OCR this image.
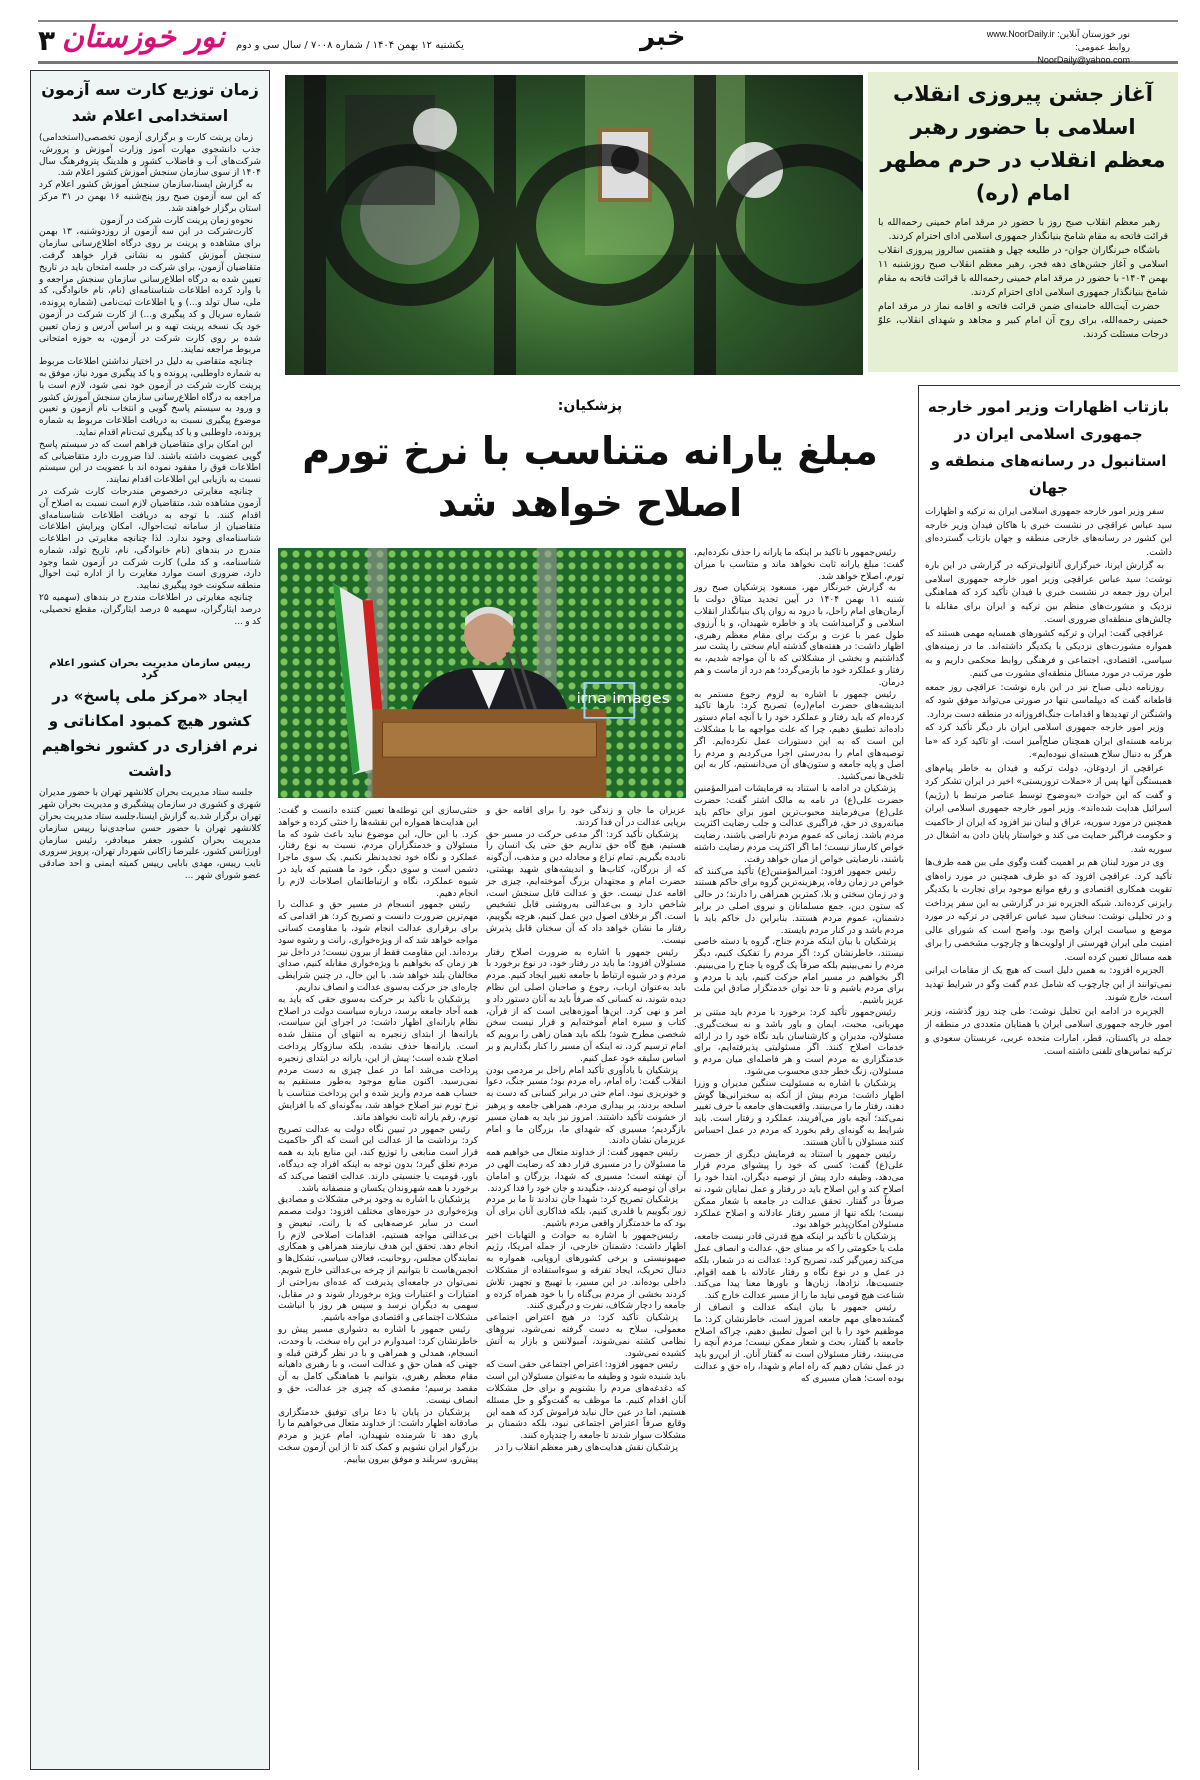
۳ نور خوزستان یکشنبه ۱۲ بهمن ۱۴۰۴ / شماره ۷۰۰۸ / سال سی و دوم	خبر	نور خوزستان آنلاین: www.NoorDaily.ir
روابط عمومی: NoorDaily@yahoo.com
زمان توزیع کارت سه آزمون استخدامی اعلام شد

زمان پرینت کارت و برگزاری آزمون تخصصی(استخدامی) جذب دانشجوی مهارت آموز وزارت آموزش و پرورش، شرکت‌های آب و فاضلاب کشور و هلدینگ پتروفرهنگ سال ۱۴۰۴ از سوی سازمان سنجش آموزش کشور اعلام شد.

به گزارش ایسنا،سازمان سنجش آموزش کشور اعلام کرد که این سه آزمون صبح روز پنج‌شنبه ۱۶ بهمن در ۳۱ مرکز استان برگزار خواهند شد.

نحوه‌و زمان پرینت کارت شرکت در آزمون

کارت‌شرکت در این سه آزمون از روزدوشنبه، ۱۳ بهمن برای مشاهده و پرینت بر روی درگاه اطلاع‌رسانی سازمان سنجش آموزش کشور به نشانی قرار خواهد گرفت. متقاضیان آزمون، برای شرکت در جلسه امتحان باید در تاریخ تعیین شده به درگاه اطلاع‌رسانی سازمان سنجش مراجعه و با وارد کرده اطلاعات شناسنامه‌ای (نام، نام خانوادگی، کد ملی، سال تولد و...) و یا اطلاعات ثبت‌نامی (شماره پرونده، شماره سریال و کد پیگیری و...) از کارت شرکت در آزمون خود یک نسخه پرینت تهیه و بر اساس آدرس و زمان تعیین شده بر روی کارت شرکت در آزمون، به حوزه امتحانی مربوط مراجعه نمایند.

چنانچه متقاضی به دلیل در اختیار نداشتن اطلاعات مربوط به شماره داوطلبی، پرونده و یا کد پیگیری مورد نیاز، موفق به پرینت کارت شرکت در آزمون خود نمی شود، لازم است با مراجعه به درگاه اطلاع‌رسانی سازمان سنجش آموزش کشور و ورود به سیستم پاسخ گویی و انتخاب نام آزمون و تعیین موضوع پیگیری نسبت به دریافت اطلاعات مربوط به شماره پرونده، داوطلبی و یا کد پیگیری ثبت‌نام اقدام نماید.

این امکان برای متقاضیان فراهم است که در سیستم پاسخ گویی عضویت داشته باشند. لذا ضرورت دارد متقاضیانی که اطلاعات فوق را مفقود نموده اند با عضویت در این سیستم نسبت به بازیابی این اطلاعات اقدام نمایند.

چنانچه مغایرتی درخصوص مندرجات کارت شرکت در آزمون مشاهده شد، متقاضیان لازم است نسبت به اصلاح آن اقدام کنند. با توجه به دریافت اطلاعات شناسنامه‌ای متقاضیان از سامانه ثبت‌احوال، امکان ویرایش اطلاعات شناسنامه‌ای وجود ندارد. لذا چنانچه مغایرتی در اطلاعات مندرج در بندهای (نام خانوادگی، نام، تاریخ تولد، شماره شناسنامه، و کد ملی) کارت شرکت در آزمون شما وجود دارد، ضروری است موارد مغایرت را از اداره ثبت احوال منطقه سکونت خود پیگیری نمایید.

چنانچه مغایرتی در اطلاعات مندرج در بندهای (سهمیه ۲۵ درصد ایثارگران، سهمیه ۵ درصد ایثارگران، مقطع تحصیلی، کد و ...

رییس سازمان مدیریت بحران کشور اعلام کرد
ایجاد «مرکز ملی پاسخ» در کشور هیچ کمبود امکاناتی و نرم افزاری در کشور نخواهیم داشت

جلسه ستاد مدیریت بحران کلانشهر تهران با حضور مدیران شهری و کشوری در سازمان پیشگیری و مدیریت بحران شهر تهران برگزار شد.به گزارش ایسنا،جلسه ستاد مدیریت بحران کلانشهر تهران با حضور حسن ساجدی‌نیا رییس سازمان مدیریت بحران کشور، جعفر میعادفر، رئیس سازمان اورژانس کشور، علیرضا زاکانی شهردار تهران، پرویز سروری نایب رییس، مهدی بابایی رییس کمیته ایمنی و احد صادقی عضو شورای شهر ...

آغاز جشن پیروزی انقلاب اسلامی با حضور رهبر معظم انقلاب در حرم مطهر امام (ره)

رهبر معظم انقلاب صبح روز با حضور در مرقد امام خمینی رحمه‌الله با قرائت فاتحه به مقام شامخ بنیانگذار جمهوری اسلامی ادای احترام کردند.

باشگاه خبرنگاران جوان- در طلیعه چهل و هفتمین سالروز پیروزی انقلاب اسلامی و آغاز جشن‌های دهه فجر، رهبر معظم انقلاب صبح روزشنبه ۱۱ بهمن ۱۴۰۴- با حضور در مرقد امام خمینی رحمه‌الله با قرائت فاتحه به مقام شامخ بنیانگذار جمهوری اسلامی ادای احترام کردند.

حضرت آیت‌الله خامنه‌ای ضمن قرائت فاتحه و اقامه نماز در مرقد امام خمینی رحمه‌الله، برای روح آن امام کبیر و مجاهد و شهدای انقلاب، علوّ درجات مسئلت کردند.

پزشکیان:
مبلغ یارانه متناسب با نرخ تورم اصلاح خواهد شد
irna images

رئیس‌جمهور با تاکید بر اینکه ما یارانه را حذف نکرده‌ایم، گفت: مبلغ یارانه ثابت نخواهد ماند و متناسب با میزان تورم، اصلاح خواهد شد.

به گزارش خبرنگار مهر، مسعود پزشکیان صبح روز شنبه ۱۱ بهمن ۱۴۰۴ در آیین تجدید میثاق دولت با آرمان‌های امام راحل، با درود به روان پاک بنیانگذار انقلاب اسلامی و گرامیداشت یاد و خاطره شهیدان، و با آرزوی طول عمر با عزت و برکت برای مقام معظم رهبری، اظهار داشت: در هفته‌های گذشته ایام سختی را پشت سر گذاشتیم و بخشی از مشکلاتی که با آن مواجه شدیم، به رفتار و عملکرد خود ما بازمی‌گردد؛ هم درد از ماست و هم درمان.

رئیس جمهور با اشاره به لزوم رجوع مستمر به اندیشه‌های حضرت امام(ره) تصریح کرد: بارها تاکید کرده‌ام که باید رفتار و عملکرد خود را با آنچه امام دستور داده‌اند تطبیق دهیم، چرا که علت مواجهه ما با مشکلات این است که به این دستورات عمل نکرده‌ایم. اگر توصیه‌های امام را به‌درستی اجرا می‌کردیم و مردم را اصل و پایه جامعه و ستون‌های آن می‌دانستیم، کار به این تلخی‌ها نمی‌کشید.

پزشکیان در ادامه با استناد به فرمایشات امیرالمؤمنین حضرت علی(ع) در نامه به مالک اشتر گفت: حضرت علی(ع) می‌فرمایند محبوب‌ترین امور برای حاکم باید میانه‌روی در حق، فراگیری عدالت و جلب رضایت اکثریت مردم باشد. زمانی که عموم مردم ناراضی باشند، رضایت خواص کارساز نیست؛ اما اگر اکثریت مردم رضایت داشته باشند، نارضایتی خواص از میان خواهد رفت.

رئیس جمهور افزود: امیرالمؤمنین(ع) تأکید می‌کنند که خواص در زمان رفاه، پرهزینه‌ترین گروه برای حاکم هستند و در زمان سختی و بلا، کمترین همراهی را دارند؛ در حالی که ستون دین، جمع مسلمانان و نیروی اصلی در برابر دشمنان، عموم مردم هستند. بنابراین دل حاکم باید با مردم باشد و در کنار مردم بایستد.

پزشکیان با بیان اینکه مردم جناح، گروه یا دسته خاصی نیستند، خاطرنشان کرد: اگر مردم را تفکیک کنیم، دیگر مردم را نمی‌بینیم بلکه صرفاً یک گروه یا جناح را می‌بینیم. اگر بخواهیم در مسیر امام حرکت کنیم، باید با مردم و برای مردم باشیم و تا حد توان خدمتگزار صادق این ملت عزیز باشیم.

رئیس‌جمهور تأکید کرد: برخورد با مردم باید مبتنی بر مهربانی، محبت، ایمان و باور باشد و نه سخت‌گیری. مسئولان، مدیران و کارشناسان باید نگاه خود را در ارائه خدمات اصلاح کنند. اگر مسئولیتی پذیرفته‌ایم، برای خدمتگزاری به مردم است و هر فاصله‌ای میان مردم و مسئولان، زنگ خطر جدی محسوب می‌شود.

پزشکیان با اشاره به مسئولیت سنگین مدیران و وزرا اظهار داشت: مردم بیش از آنکه به سخنرانی‌ها گوش دهند، رفتار ما را می‌بینند. واقعیت‌های جامعه با حرف تغییر نمی‌کند؛ آنچه باور می‌آفریند، عملکرد و رفتار است. باید شرایط به گونه‌ای رقم بخورد که مردم در عمل احساس کنند مسئولان با آنان هستند.

رئیس جمهور با استناد به فرمایش دیگری از حضرت علی(ع) گفت: کسی که خود را پیشوای مردم قرار می‌دهد، وظیفه دارد پیش از توصیه دیگران، ابتدا خود را اصلاح کند و این اصلاح باید در رفتار و عمل نمایان شود، نه صرفاً در گفتار. تحقق عدالت در جامعه با شعار ممکن نیست؛ بلکه تنها از مسیر رفتار عادلانه و اصلاح عملکرد مسئولان امکان‌پذیر خواهد بود.

پزشکیان با تأکید بر اینکه هیچ قدرتی قادر نیست جامعه، ملت یا حکومتی را که بر مبنای حق، عدالت و انصاف عمل می‌کند زمین‌گیر کند، تصریح کرد: عدالت نه در شعار، بلکه در عمل و در نوع نگاه و رفتار عادلانه با همه اقوام، جنسیت‌ها، نژادها، زبان‌ها و باورها معنا پیدا می‌کند. شناعت هیچ قومی نباید ما را از مسیر عدالت خارج کند.

رئیس جمهور با بیان اینکه عدالت و انصاف از گمشده‌های مهم جامعه امروز است، خاطرنشان کرد: ما موظفیم خود را با این اصول تطبیق دهیم، چراکه اصلاح جامعه با گفتار، بحث و شعار ممکن نیست؛ مردم آنچه را می‌بینند، رفتار مسئولان است نه گفتار آنان. از این‌رو باید در عمل نشان دهیم که راه امام و شهدا، راه حق و عدالت بوده است؛ همان مسیری که

عزیزان ما جان و زندگی خود را برای اقامه حق و برپایی عدالت در آن فدا کردند.

پزشکیان تأکید کرد: اگر مدعی حرکت در مسیر حق هستیم، هیچ گاه حق نداریم حق حتی یک انسان را نادیده بگیریم. تمام نزاع و مجادله دین و مذهب، آن‌گونه که از بزرگان، کتاب‌ها و اندیشه‌های شهید بهشتی، حضرت امام و مجتهدان بزرگ آموخته‌ایم، چیزی جز اقامه عدل نیست. حق و عدالت قابل سنجش است، شاخص دارد و بی‌عدالتی به‌روشنی قابل تشخیص است. اگر برخلاف اصول دین عمل کنیم، هرچه بگوییم، رفتار ما نشان خواهد داد که آن سخنان قابل پذیرش نیست.

رئیس جمهور با اشاره به ضرورت اصلاح رفتار مسئولان افزود: ما باید در رفتار خود، در نوع برخورد با مردم و در شیوه ارتباط با جامعه تغییر ایجاد کنیم. مردم باید به‌عنوان ارباب، رجوع و صاحبان اصلی این نظام دیده شوند، نه کسانی که صرفاً باید به آنان دستور داد و امر و نهی کرد. این‌ها آموزه‌هایی است که از قرآن، کتاب و سیره امام آموخته‌ایم و قرار نیست سخن شخصی مطرح شود؛ بلکه باید همان راهی را برویم که امام ترسیم کرد، نه اینکه آن مسیر را کنار بگذاریم و بر اساس سلیقه خود عمل کنیم.

پزشکیان با یادآوری تأکید امام راحل بر مردمی بودن انقلاب گفت: راه امام، راه مردم بود؛ مسیر جنگ، دعوا و خونریزی نبود. امام حتی در برابر کسانی که دست به اسلحه بردند، بر بیداری مردم، همراهی جامعه و پرهیز از خشونت تأکید داشتند. امروز نیز باید به همان مسیر بازگردیم؛ مسیری که شهدای ما، بزرگان ما و امام عزیزمان نشان دادند.

رئیس جمهور گفت: از خداوند متعال می خواهیم همه ما مسئولان را در مسیری قرار دهد که رضایت الهی در آن نهفته است؛ مسیری که شهدا، بزرگان و امامان برای آن توصیه کردند، جنگیدند و جان خود را فدا کردند.

پزشکیان تصریح کرد: شهدا جان ندادند تا ما بر مردم زور بگوییم یا قلدری کنیم، بلکه فداکاری آنان برای آن بود که ما خدمتگزار واقعی مردم باشیم.

رئیس‌جمهور با اشاره به حوادث و التهابات اخیر اظهار داشت: دشمنان خارجی، از جمله امریکا، رژیم صهیونیستی و برخی کشورهای اروپایی، همواره به دنبال تحریک، ایجاد تفرقه و سوءاستفاده از مشکلات داخلی بوده‌اند. در این مسیر، با تهییج و تجهیز، تلاش کردند بخشی از مردم بی‌گناه را با خود همراه کرده و جامعه را دچار شکاف، نفرت و درگیری کنند.

پزشکیان تأکید کرد: در هیچ اعتراض اجتماعی معمولی، سلاح به دست گرفته نمی‌شود، نیروهای نظامی کشته نمی‌شوند، آمبولانس و بازار به آتش کشیده نمی‌شود.

رئیس جمهور افزود: اعتراض اجتماعی حقی است که باید شنیده شود و وظیفه ما به‌عنوان مسئولان این است که دغدغه‌های مردم را بشنویم و برای حل مشکلات آنان اقدام کنیم. ما موظف به گفت‌وگو و حل مسئله هستیم، اما در عین حال نباید فراموش کرد که همه این وقایع صرفاً اعتراض اجتماعی نبود، بلکه دشمنان بر مشکلات سوار شدند تا جامعه را چندپاره کنند.

پزشکیان نقش هدایت‌های رهبر معظم انقلاب را در

خنثی‌سازی این توطئه‌ها تعیین کننده دانست و گفت: این هدایت‌ها همواره این نقشه‌ها را خنثی کرده و خواهد کرد. با این حال، این موضوع نباید باعث شود که ما مسئولان و خدمتگزاران مردم، نسبت به نوع رفتار، عملکرد و نگاه خود تجدیدنظر نکنیم. یک سوی ماجرا دشمن است و سوی دیگر، خود ما هستیم که باید در شیوه عملکرد، نگاه و ارتباطاتمان اصلاحات لازم را انجام دهیم.

رئیس جمهور انسجام در مسیر حق و عدالت را مهم‌ترین ضرورت دانست و تصریح کرد: هر اقدامی که برای برقراری عدالت انجام شود، با مقاومت کسانی مواجه خواهد شد که از ویژه‌خواری، رانت و رشوه سود برده‌اند. این مقاومت فقط از بیرون نیست؛ در داخل نیز هر زمان که بخواهیم با ویژه‌خواری مقابله کنیم، صدای مخالفان بلند خواهد شد. با این حال، در چنین شرایطی چاره‌ای جز حرکت به‌سوی عدالت و انصاف نداریم.

پزشکیان با تأکید بر حرکت به‌سوی حقی که باید به همه آحاد جامعه برسد، درباره سیاست دولت در اصلاح نظام یارانه‌ای اظهار داشت: در اجرای این سیاست، یارانه‌ها از ابتدای زنجیره به انتهای آن منتقل شده است. یارانه‌ها حذف نشده، بلکه سازوکار پرداخت اصلاح شده است؛ پیش از این، یارانه در ابتدای زنجیره پرداخت می‌شد اما در عمل چیزی به دست مردم نمی‌رسید. اکنون منابع موجود به‌طور مستقیم به حساب همه مردم واریز شده و این پرداخت متناسب با نرخ تورم نیز اصلاح خواهد شد، به‌گونه‌ای که با افزایش تورم، رقم یارانه ثابت نخواهد ماند.

رئیس جمهور در تبیین نگاه دولت به عدالت تصریح کرد: برداشت ما از عدالت این است که اگر حاکمیت قرار است منابعی را توزیع کند، این منابع باید به همه مردم تعلق گیرد؛ بدون توجه به اینکه افراد چه دیدگاه، باور، قومیت یا جنسیتی دارند. عدالت اقتضا می‌کند که برخورد با همه شهروندان یکسان و منصفانه باشد.

پزشکیان با اشاره به وجود برخی مشکلات و مصادیق ویژه‌خواری در حوزه‌های مختلف افزود: دولت مصمم است در سایر عرصه‌هایی که با رانت، تبعیض و بی‌عدالتی مواجه هستیم، اقدامات اصلاحی لازم را انجام دهد. تحقق این هدف نیازمند همراهی و همکاری نمایندگان مجلس، روحانیت، فعالان سیاسی، تشکل‌ها و انجمن‌هاست تا بتوانیم از چرخه بی‌عدالتی خارج شویم. نمی‌توان در جامعه‌ای پذیرفت که عده‌ای به‌راحتی از امتیازات و اعتبارات ویژه برخوردار شوند و در مقابل، سهمی به دیگران نرسد و سپس هر روز با انباشت مشکلات اجتماعی و اقتصادی مواجه باشیم.

رئیس جمهور با اشاره به دشواری مسیر پیش رو خاطرنشان کرد: امیدوارم در این راه سخت، با وحدت، انسجام، همدلی و همراهی و با در نظر گرفتن قبله و جهتی که همان حق و عدالت است، و با رهبری داهیانه مقام معظم رهبری، بتوانیم با هماهنگی کامل به آن مقصد برسیم؛ مقصدی که چیزی جز عدالت، حق و انصاف نیست.

پزشکیان در پایان با دعا برای توفیق خدمتگزاری صادقانه اظهار داشت: از خداوند متعال می‌خواهیم ما را یاری دهد تا شرمنده شهیدان، امام عزیز و مردم بزرگوار ایران نشویم و کمک کند تا از این آزمون سخت پیش‌رو، سربلند و موفق بیرون بیاییم.

بازتاب اظهارات وزیر امور خارجه جمهوری اسلامی ایران در استانبول در رسانه‌های منطقه و جهان

سفر وزیر امور خارجه جمهوری اسلامی ایران به ترکیه و اظهارات سید عباس عراقچی در نشست خبری با هاکان فیدان وزیر خارجه این کشور در رسانه‌های خارجی منطقه و جهان بازتاب گسترده‌ای داشت.

به گزارش ایرنا، خبرگزاری آناتولی‌ترکیه در گزارشی در این باره نوشت: سید عباس عراقچی وزیر امور خارجه جمهوری اسلامی ایران روز جمعه در نشست خبری با فیدان تأکید کرد که هماهنگی نزدیک و مشورت‌های منظم بین ترکیه و ایران برای مقابله با چالش‌های منطقه‌ای ضروری است.

عراقچی گفت: ایران و ترکیه کشورهای همسایه مهمی هستند که همواره مشورت‌های نزدیکی با یکدیگر داشته‌اند. ما در زمینه‌های سیاسی، اقتصادی، اجتماعی و فرهنگی روابط محکمی داریم و به طور مرتب در مورد مسائل منطقه‌ای مشورت می کنیم.

روزنامه دیلی صباح نیز در این باره نوشت: عراقچی روز جمعه قاطعانه گفت که دیپلماسی تنها در صورتی می‌تواند موفق شود که واشنگتن از تهدیدها و اقدامات جنگ‌افروزانه در منطقه دست بردارد.

وزیر امور خارجه جمهوری اسلامی ایران بار دیگر تأکید کرد که برنامه هسته‌ای ایران همچنان صلح‌آمیز است. او تاکید کرد که «ما هرگز به دنبال سلاح هسته‌ای نبوده‌ایم».

عراقچی از اردوغان، دولت ترکیه و فیدان به خاطر پیام‌های همبستگی آنها پس از «حملات تروریستی» اخیر در ایران تشکر کرد و گفت که این حوادث «به‌وضوح توسط عناصر مرتبط با (رژیم) اسرائیل هدایت شده‌اند». وزیر امور خارجه جمهوری اسلامی ایران همچنین در مورد سوریه، عراق و لبنان نیز افزود که ایران از حاکمیت و حکومت فراگیر حمایت می کند و خواستار پایان دادن به اشغال در سوریه شد.

وی در مورد لبنان هم بر اهمیت گفت وگوی ملی بین همه طرف‌ها تأکید کرد. عراقچی افزود که دو طرف همچنین در مورد راه‌های تقویت همکاری اقتصادی و رفع موانع موجود برای تجارت با یکدیگر رایزنی کرده‌اند. شبکه الجزیره نیز در گزارشی به این سفر پرداخت و در تحلیلی نوشت: سخنان سید عباس عراقچی در ترکیه در مورد موضع و سیاست ایران واضح بود. واضح است که شورای عالی امنیت ملی ایران فهرستی از اولویت‌ها و چارچوب مشخصی را برای همه مسائل تعیین کرده است.

الجزیره افزود: به همین دلیل است که هیچ یک از مقامات ایرانی نمی‌توانند از این چارچوب که شامل عدم گفت وگو در شرایط تهدید است، خارج شوند.

الجزیره در ادامه این تحلیل نوشت: طی چند روز گذشته، وزیر امور خارجه جمهوری اسلامی ایران با همتایان متعددی در منطقه از جمله در پاکستان، قطر، امارات متحده عربی، عربستان سعودی و ترکیه تماس‌های تلفنی داشته است.
